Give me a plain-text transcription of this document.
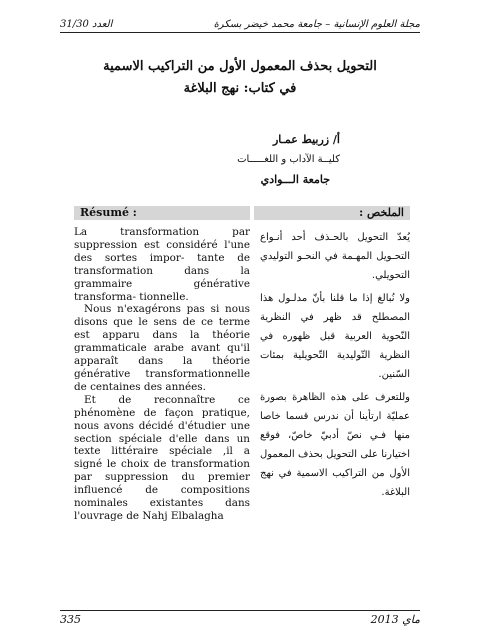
العدد 31/30	مجلة العلوم الإنسانية – جامعة محمد خيضر بسكرة
التحويل بحذف المعمول الأول من التراكيب الاسمية
في كتاب: نهج البلاغة
أ/ زربيط عمـار
كليــة الآداب و اللغـــــات
جامعة الـــوادي
Résumé :	الملخص :

La transformation par suppression est considéré l'une des sortes impor- tante de transformation dans la grammaire générative transforma- tionnelle.

Nous n'exagérons pas si nous disons que le sens de ce terme est apparu dans la théorie grammaticale arabe avant qu'il apparaît dans la théorie générative transformationnelle de centaines des années.

Et de reconnaître ce phénomène de façon pratique, nous avons décidé d'étudier une section spéciale d'elle dans un texte littéraire spéciale ,il a signé le choix de transformation par suppression du premier influencé de compositions nominales existantes dans l'ouvrage de Nahj Elbalagha

يُعدّ التحويل بالحـذف أحد أنـواع التحـويل المهـمة في النحـو التوليدي التحويلي.

ولا نُبالغ إذا ما قلنا بأنّ مدلـول هذا المصطلح قد ظهر في النظرية النّحوية العربية قبل ظهوره في النظرية التّوليدية التّحويلية بمئات السّنين.

وللتعرف على هذه الظاهرة بصورة عمليّة ارتأينا أن ندرس قسما خاصا منها فـي نصّ أدبيّ خاصّ، فوقع اختيارنا على التحويل بحذف المعمول الأول من التراكيب الاسمية في نهج البلاغة.

335	ماي 2013
